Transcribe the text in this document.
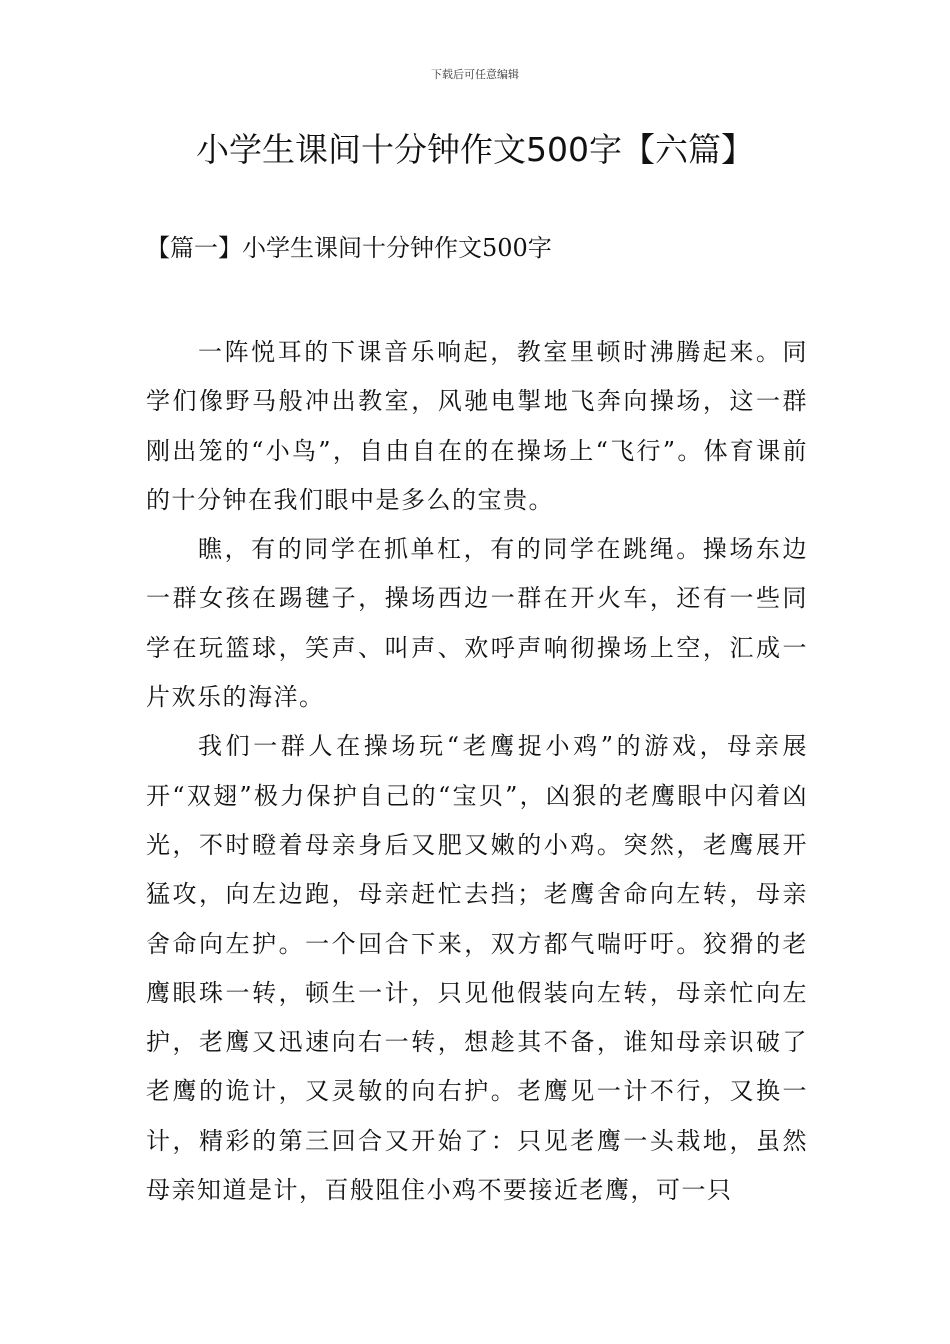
下载后可任意编辑
小学生课间十分钟作文500字【六篇】
【篇一】小学生课间十分钟作文500字

一阵悦耳的下课音乐响起，教室里顿时沸腾起来。同学们像野马般冲出教室，风驰电掣地飞奔向操场，这一群刚出笼的“小鸟”，自由自在的在操场上“飞行”。体育课前的十分钟在我们眼中是多么的宝贵。

瞧，有的同学在抓单杠，有的同学在跳绳。操场东边一群女孩在踢毽子，操场西边一群在开火车，还有一些同学在玩篮球，笑声、叫声、欢呼声响彻操场上空，汇成一片欢乐的海洋。

我们一群人在操场玩“老鹰捉小鸡”的游戏，母亲展开“双翅”极力保护自己的“宝贝”，凶狠的老鹰眼中闪着凶光，不时瞪着母亲身后又肥又嫩的小鸡。突然，老鹰展开猛攻，向左边跑，母亲赶忙去挡；老鹰舍命向左转，母亲舍命向左护。一个回合下来，双方都气喘吁吁。狡猾的老鹰眼珠一转，顿生一计，只见他假装向左转，母亲忙向左护，老鹰又迅速向右一转，想趁其不备，谁知母亲识破了老鹰的诡计，又灵敏的向右护。老鹰见一计不行，又换一计，精彩的第三回合又开始了：只见老鹰一头栽地，虽然母亲知道是计，百般阻住小鸡不要接近老鹰，可一只
